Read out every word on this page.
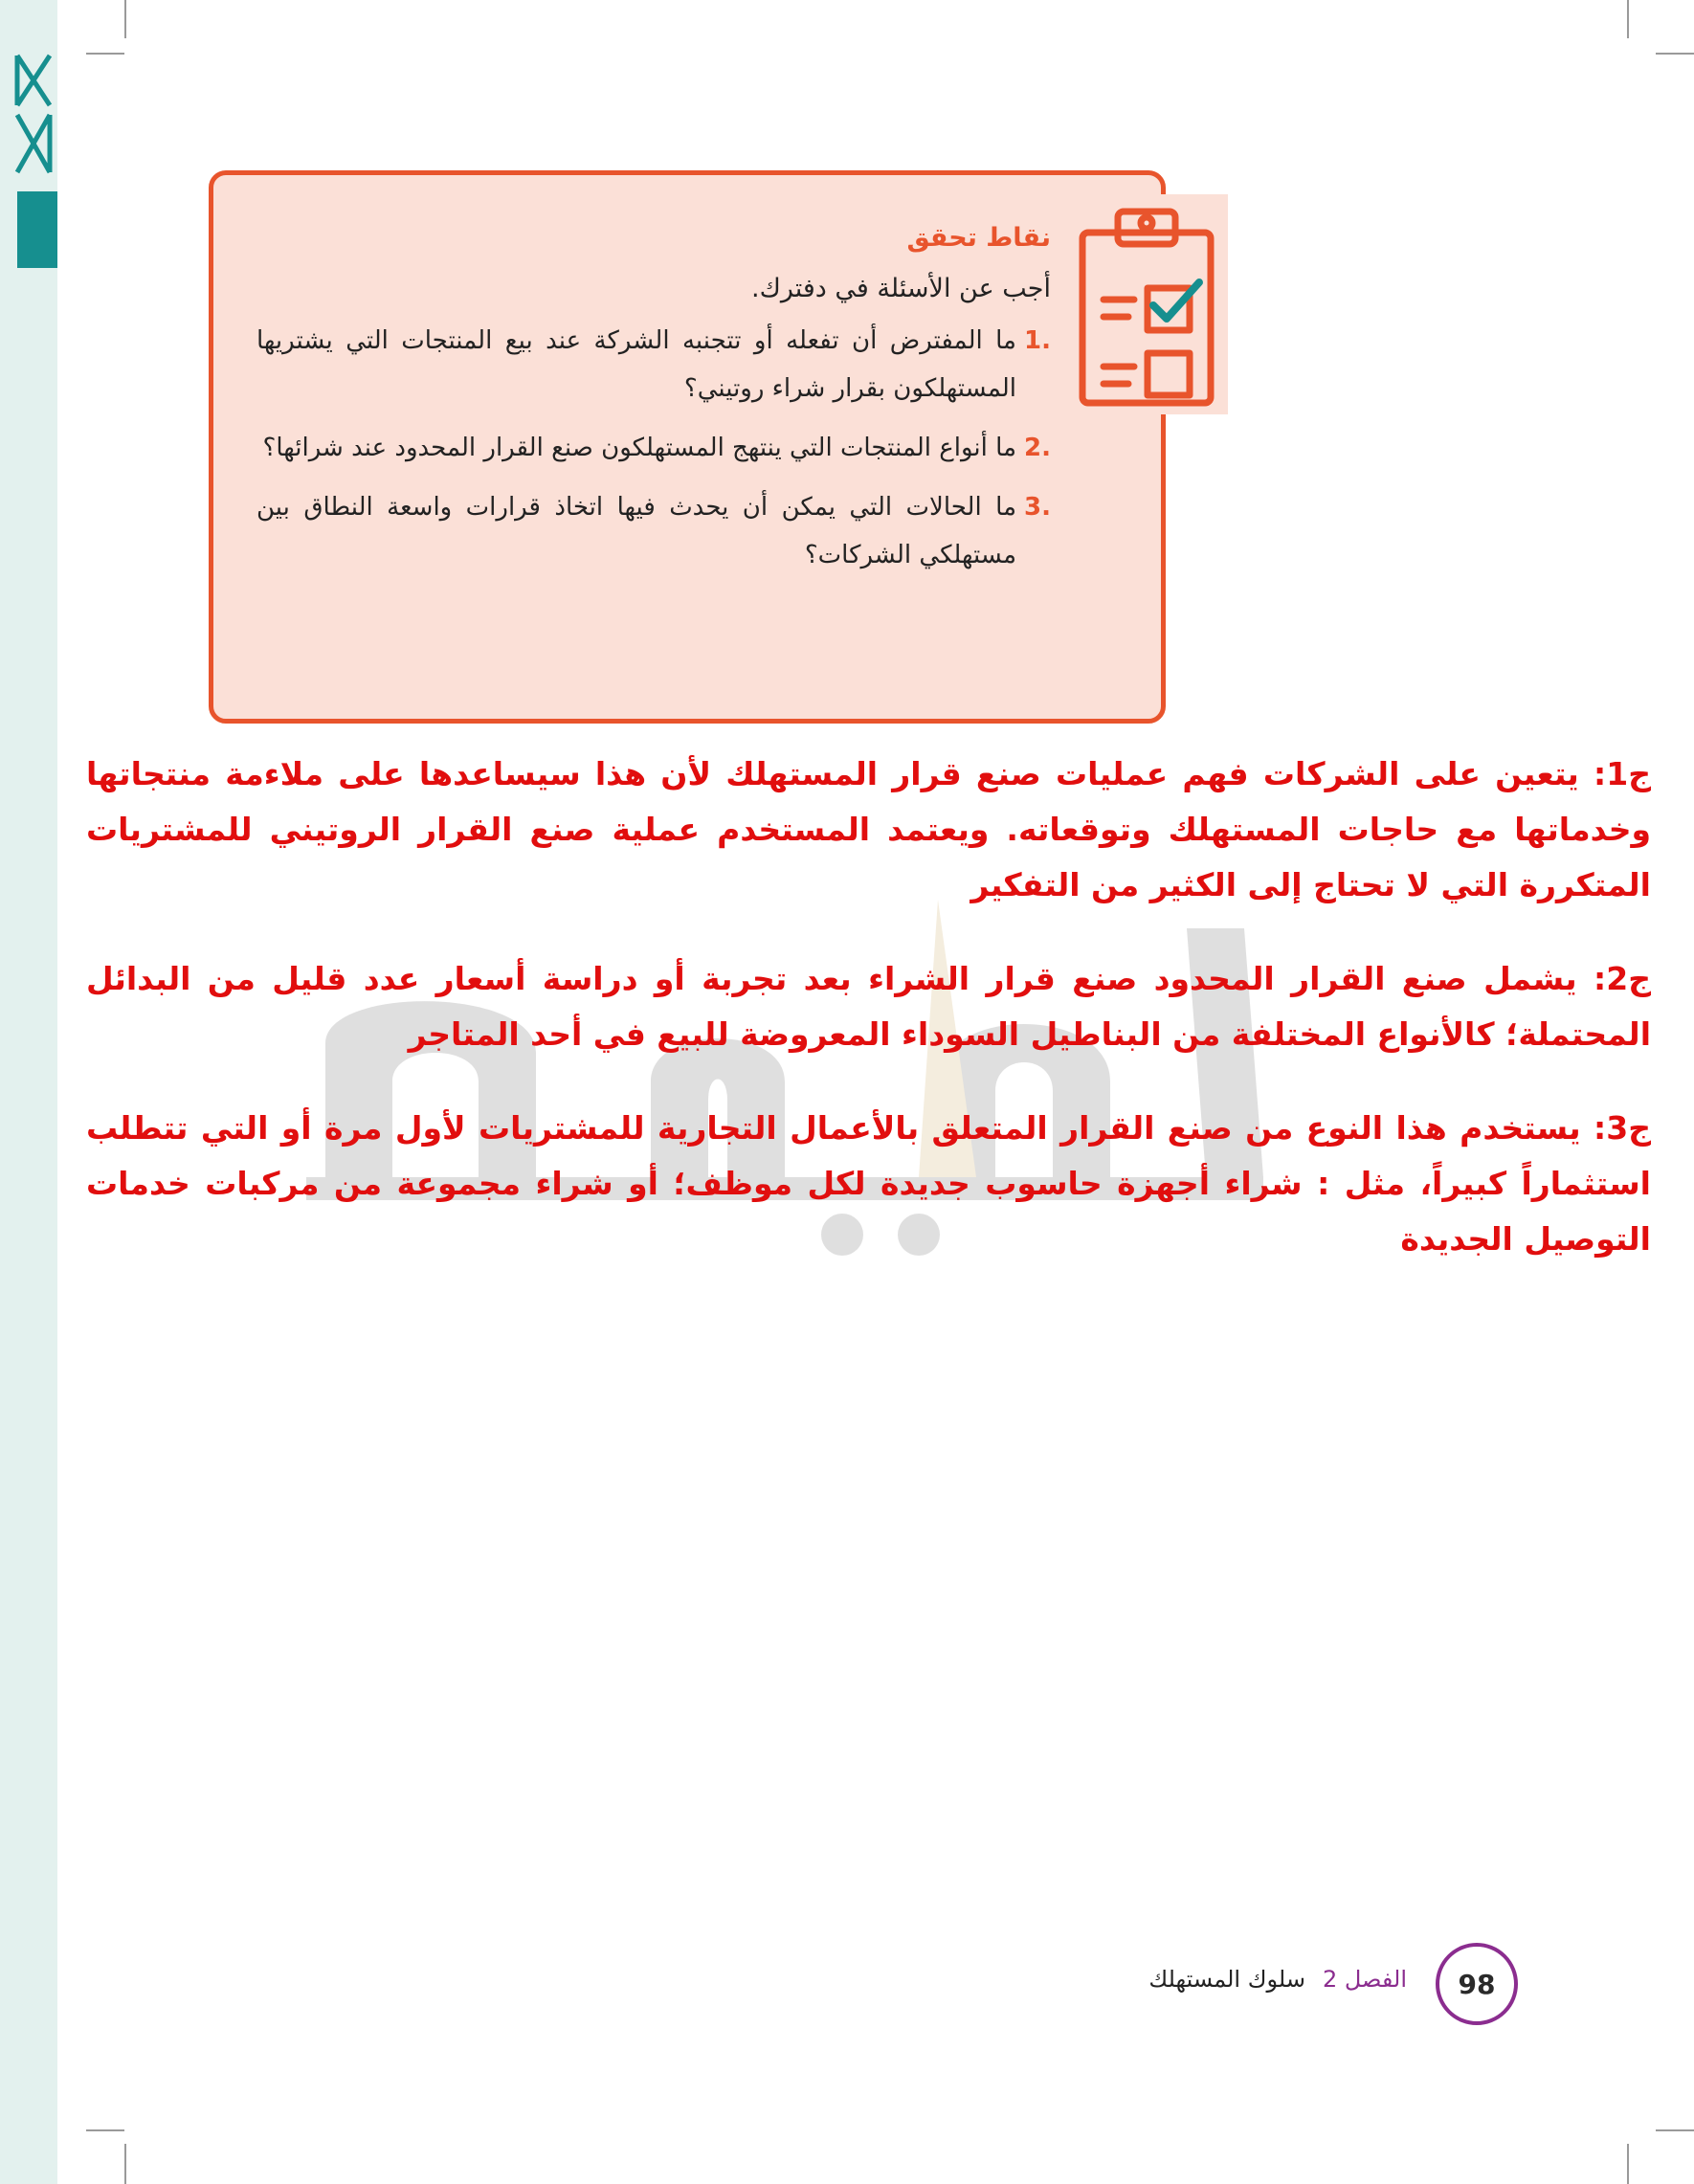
نقاط تحقق

أجب عن الأسئلة في دفترك.

.1
ما المفترض أن تفعله أو تتجنبه الشركة عند بيع المنتجات التي يشتريها المستهلكون بقرار شراء روتيني؟
.2
ما أنواع المنتجات التي ينتهج المستهلكون صنع القرار المحدود عند شرائها؟
.3
ما الحالات التي يمكن أن يحدث فيها اتخاذ قرارات واسعة النطاق بين مستهلكي الشركات؟

ج1: يتعين على الشركات فهم عمليات صنع قرار المستهلك لأن هذا سيساعدها على ملاءمة منتجاتها وخدماتها مع حاجات المستهلك وتوقعاته. ويعتمد المستخدم عملية صنع القرار الروتيني للمشتريات المتكررة التي لا تحتاج إلى الكثير من التفكير

ج2: يشمل صنع القرار المحدود صنع قرار الشراء بعد تجربة أو دراسة أسعار عدد قليل من البدائل المحتملة؛ كالأنواع المختلفة من البناطيل السوداء المعروضة للبيع في أحد المتاجر

ج3: يستخدم هذا النوع من صنع القرار المتعلق بالأعمال التجارية للمشتريات لأول مرة أو التي تتطلب استثماراً كبيراً، مثل : شراء أجهزة حاسوب جديدة لكل موظف؛ أو شراء مجموعة من مركبات خدمات التوصيل الجديدة

الفصل 2سلوك المستهلك	98
